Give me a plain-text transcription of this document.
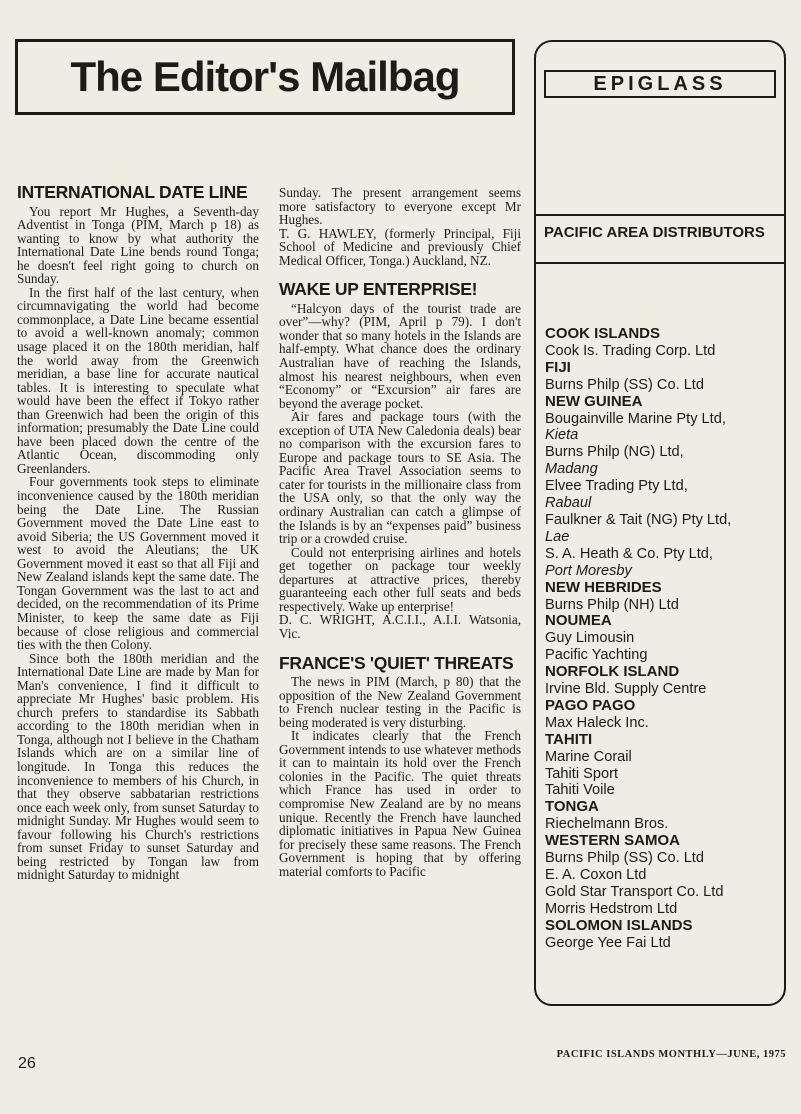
The Editor's Mailbag
INTERNATIONAL DATE LINE

You report Mr Hughes, a Seventh-day Adventist in Tonga (PIM, March p 18) as wanting to know by what authority the International Date Line bends round Tonga; he doesn't feel right going to church on Sunday.

In the first half of the last century, when circumnavigating the world had become commonplace, a Date Line became essential to avoid a well-known anomaly; common usage placed it on the 180th meridian, half the world away from the Greenwich meridian, a base line for accurate nautical tables. It is interesting to speculate what would have been the effect if Tokyo rather than Greenwich had been the origin of this information; presumably the Date Line could have been placed down the centre of the Atlantic Ocean, discommoding only Greenlanders.

Four governments took steps to eliminate inconvenience caused by the 180th meridian being the Date Line. The Russian Government moved the Date Line east to avoid Siberia; the US Government moved it west to avoid the Aleutians; the UK Government moved it east so that all Fiji and New Zealand islands kept the same date. The Tongan Government was the last to act and decided, on the recommendation of its Prime Minister, to keep the same date as Fiji because of close religious and commercial ties with the then Colony.

Since both the 180th meridian and the International Date Line are made by Man for Man's convenience, I find it difficult to appreciate Mr Hughes' basic problem. His church prefers to standardise its Sabbath according to the 180th meridian when in Tonga, although not I believe in the Chatham Islands which are on a similar line of longitude. In Tonga this reduces the inconvenience to members of his Church, in that they observe sabbatarian restrictions once each week only, from sunset Saturday to midnight Sunday. Mr Hughes would seem to favour following his Church's restrictions from sunset Friday to sunset Saturday and being restricted by Tongan law from midnight Saturday to midnight

Sunday. The present arrangement seems more satisfactory to everyone except Mr Hughes.

T. G. HAWLEY, (formerly Principal, Fiji School of Medicine and previously Chief Medical Officer, Tonga.) Auckland, NZ.

WAKE UP ENTERPRISE!

“Halcyon days of the tourist trade are over”—why? (PIM, April p 79). I don't wonder that so many hotels in the Islands are half-empty. What chance does the ordinary Australian have of reaching the Islands, almost his nearest neighbours, when even “Economy” or “Excursion” air fares are beyond the average pocket.

Air fares and package tours (with the exception of UTA New Caledonia deals) bear no comparison with the excursion fares to Europe and package tours to SE Asia. The Pacific Area Travel Association seems to cater for tourists in the millionaire class from the USA only, so that the only way the ordinary Australian can catch a glimpse of the Islands is by an “expenses paid” business trip or a crowded cruise.

Could not enterprising airlines and hotels get together on package tour weekly departures at attractive prices, thereby guaranteeing each other full seats and beds respectively. Wake up enterprise!

D. C. WRIGHT, A.C.I.I., A.I.I. Watsonia, Vic.

FRANCE'S 'QUIET' THREATS

The news in PIM (March, p 80) that the opposition of the New Zealand Government to French nuclear testing in the Pacific is being moderated is very disturbing.

It indicates clearly that the French Government intends to use whatever methods it can to maintain its hold over the French colonies in the Pacific. The quiet threats which France has used in order to compromise New Zealand are by no means unique. Recently the French have launched diplomatic initiatives in Papua New Guinea for precisely these same reasons. The French Government is hoping that by offering material comforts to Pacific

EPIGLASS
PACIFIC AREA DISTRIBUTORS
COOK ISLANDS
Cook Is. Trading Corp. Ltd
FIJI
Burns Philp (SS) Co. Ltd
NEW GUINEA
Bougainville Marine Pty Ltd,
Kieta
Burns Philp (NG) Ltd,
Madang
Elvee Trading Pty Ltd,
Rabaul
Faulkner & Tait (NG) Pty Ltd,
Lae
S. A. Heath & Co. Pty Ltd,
Port Moresby
NEW HEBRIDES
Burns Philp (NH) Ltd
NOUMEA
Guy Limousin
Pacific Yachting
NORFOLK ISLAND
Irvine Bld. Supply Centre
PAGO PAGO
Max Haleck Inc.
TAHITI
Marine Corail
Tahiti Sport
Tahiti Voile
TONGA
Riechelmann Bros.
WESTERN SAMOA
Burns Philp (SS) Co. Ltd
E. A. Coxon Ltd
Gold Star Transport Co. Ltd
Morris Hedstrom Ltd
SOLOMON ISLANDS
George Yee Fai Ltd
26
PACIFIC ISLANDS MONTHLY—JUNE, 1975
